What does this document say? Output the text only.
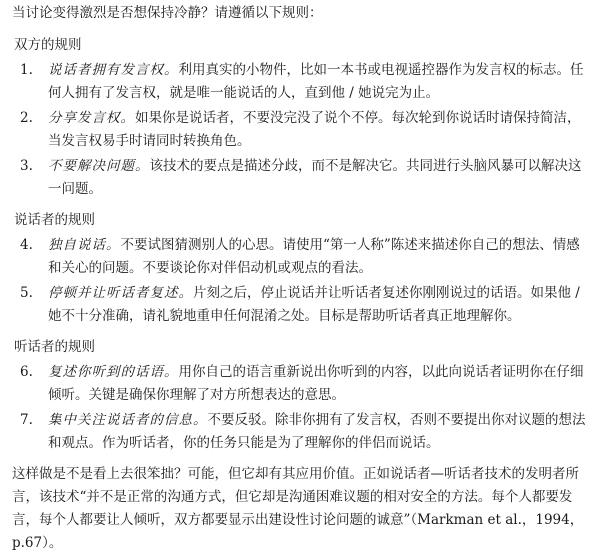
当讨论变得激烈是否想保持冷静？请遵循以下规则：

双方的规则

1.	说话者拥有发言权。利用真实的小物件，比如一本书或电视遥控器作为发言权的标志。任何人拥有了发言权，就是唯一能说话的人，直到他 / 她说完为止。
2.	分享发言权。如果你是说话者，不要没完没了说个不停。每次轮到你说话时请保持简洁，当发言权易手时请同时转换角色。
3.	不要解决问题。该技术的要点是描述分歧，而不是解决它。共同进行头脑风暴可以解决这一问题。

说话者的规则

4.	独自说话。不要试图猜测别人的心思。请使用“第一人称”陈述来描述你自己的想法、情感和关心的问题。不要谈论你对伴侣动机或观点的看法。
5.	停顿并让听话者复述。片刻之后，停止说话并让听话者复述你刚刚说过的话语。如果他 / 她不十分准确，请礼貌地重申任何混淆之处。目标是帮助听话者真正地理解你。

听话者的规则

6.	复述你听到的话语。用你自己的语言重新说出你听到的内容，以此向说话者证明你在仔细倾听。关键是确保你理解了对方所想表达的意思。
7.	集中关注说话者的信息。不要反驳。除非你拥有了发言权，否则不要提出你对议题的想法和观点。作为听话者，你的任务只能是为了理解你的伴侣而说话。

这样做是不是看上去很笨拙？可能，但它却有其应用价值。正如说话者—听话者技术的发明者所言，该技术“并不是正常的沟通方式，但它却是沟通困难议题的相对安全的方法。每个人都要发言，每个人都要让人倾听，双方都要显示出建设性讨论问题的诚意”（Markman et al.，1994，p.67）。
